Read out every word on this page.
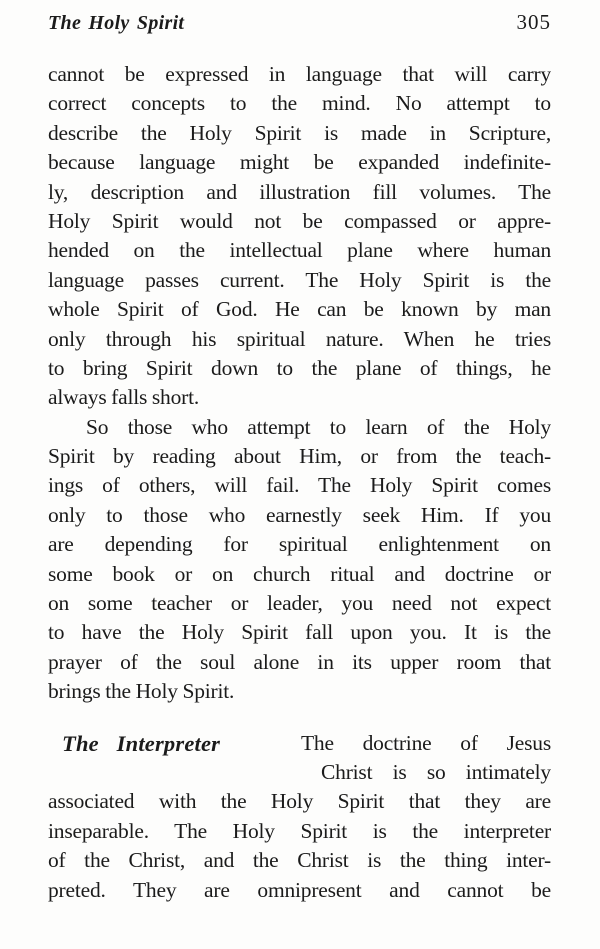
The Holy Spirit	305
cannot be expressed in language that will carry
correct concepts to the mind. No attempt to
describe the Holy Spirit is made in Scripture,
because language might be expanded indefinite-
ly, description and illustration fill volumes. The
Holy Spirit would not be compassed or appre-
hended on the intellectual plane where human
language passes current. The Holy Spirit is the
whole Spirit of God. He can be known by man
only through his spiritual nature. When he tries
to bring Spirit down to the plane of things, he
always falls short.
So those who attempt to learn of the Holy
Spirit by reading about Him, or from the teach-
ings of others, will fail. The Holy Spirit comes
only to those who earnestly seek Him. If you
are depending for spiritual enlightenment on
some book or on church ritual and doctrine or
on some teacher or leader, you need not expect
to have the Holy Spirit fall upon you. It is the
prayer of the soul alone in its upper room that
brings the Holy Spirit.
The Interpreter	The doctrine of Jesus
Christ is so intimately
associated with the Holy Spirit that they are
inseparable. The Holy Spirit is the interpreter
of the Christ, and the Christ is the thing inter-
preted. They are omnipresent and cannot be
